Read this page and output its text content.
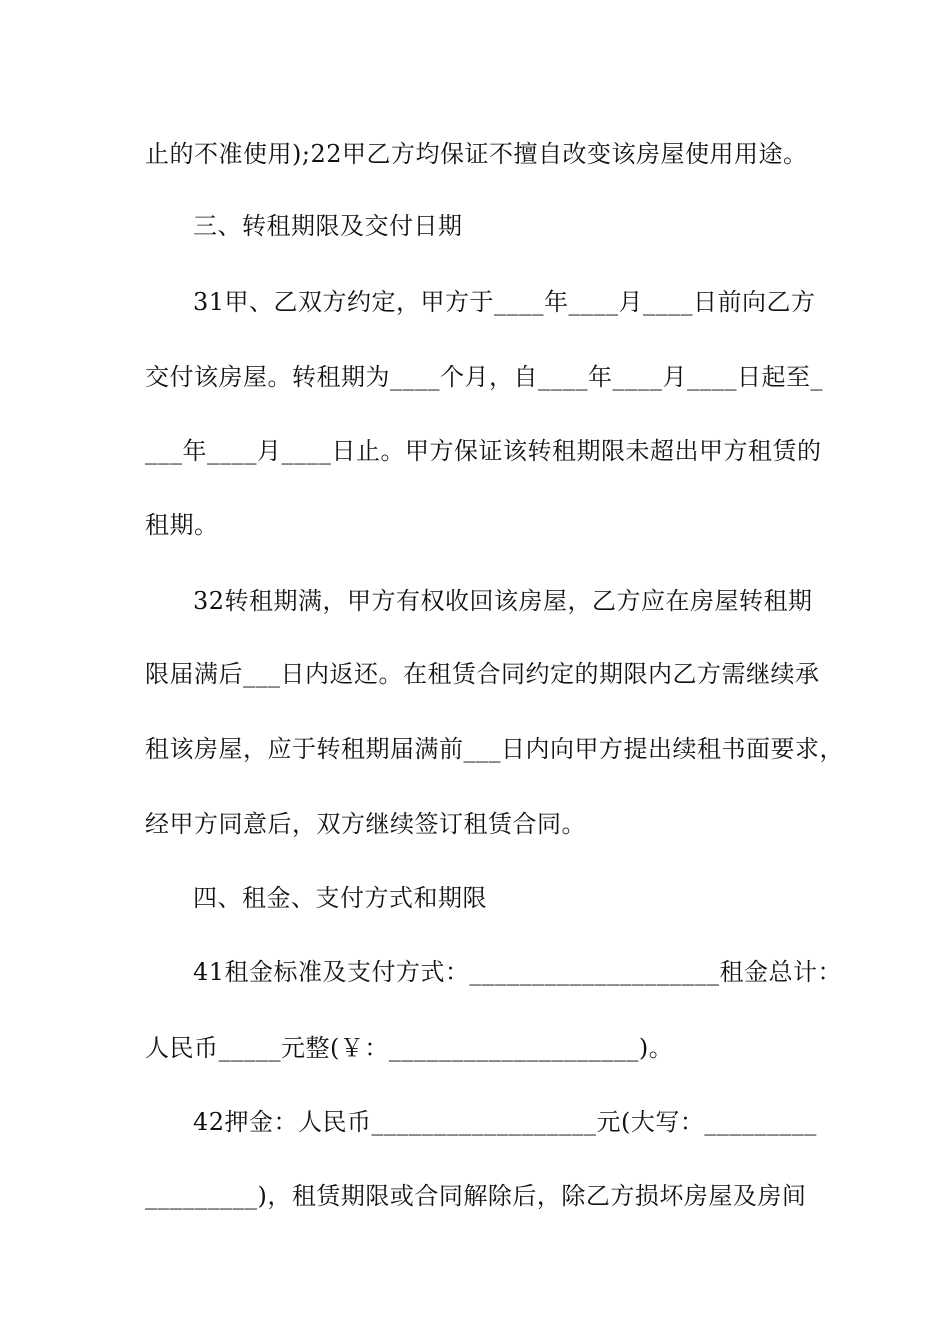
止的不准使用);22甲乙方均保证不擅自改变该房屋使用用途。
三、转租期限及交付日期
31甲、乙双方约定，甲方于____年____月____日前向乙方
交付该房屋。转租期为____个月，自____年____月____日起至_
___年____月____日止。甲方保证该转租期限未超出甲方租赁的
租期。
32转租期满，甲方有权收回该房屋，乙方应在房屋转租期
限届满后___日内返还。在租赁合同约定的期限内乙方需继续承
租该房屋，应于转租期届满前___日内向甲方提出续租书面要求，
经甲方同意后，双方继续签订租赁合同。
四、租金、支付方式和期限
41租金标准及支付方式：____________________租金总计：
人民币_____元整(￥：____________________)。
42押金：人民币__________________元(大写：_________
_________)，租赁期限或合同解除后，除乙方损坏房屋及房间
